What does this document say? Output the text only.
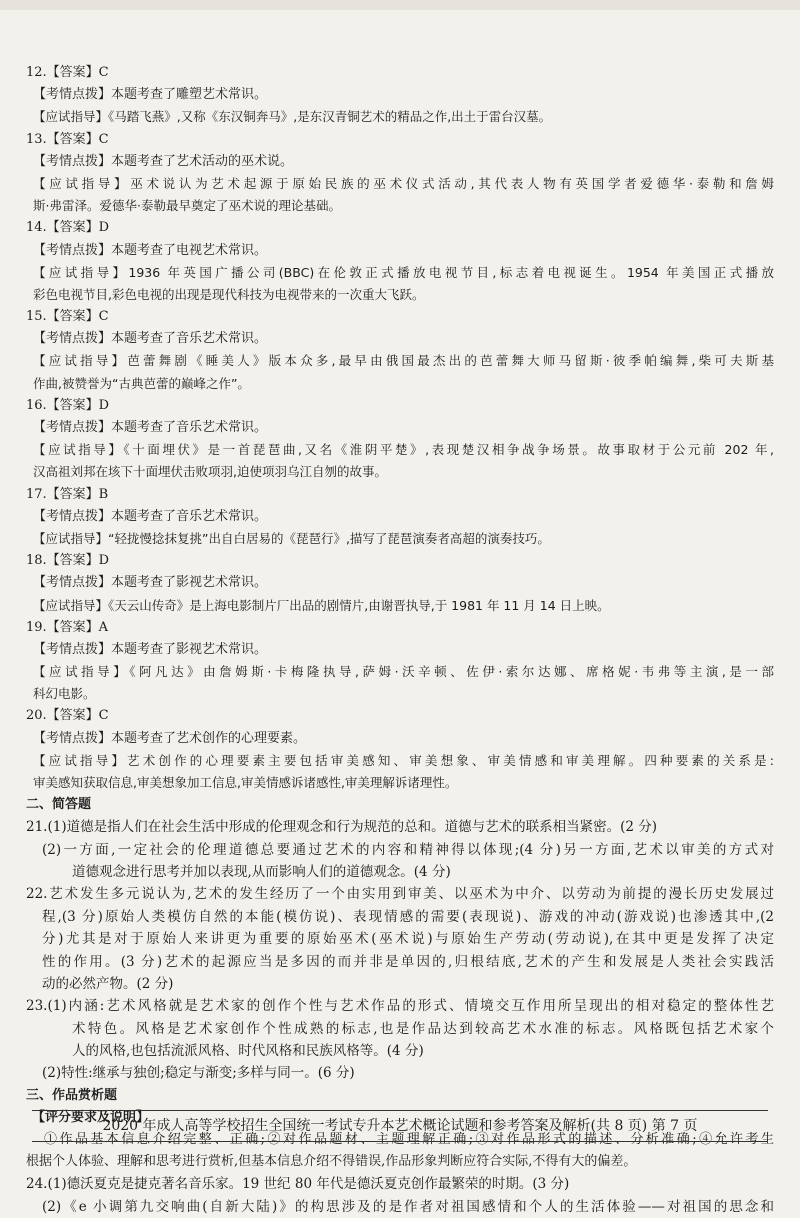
12.【答案】C
【考情点拨】本题考查了雕塑艺术常识。
【应试指导】《马踏飞燕》,又称《东汉铜奔马》,是东汉青铜艺术的精品之作,出土于雷台汉墓。
13.【答案】C
【考情点拨】本题考查了艺术活动的巫术说。
【应试指导】巫术说认为艺术起源于原始民族的巫术仪式活动,其代表人物有英国学者爱德华·泰勒和詹姆
斯·弗雷泽。爱德华·泰勒最早奠定了巫术说的理论基础。
14.【答案】D
【考情点拨】本题考查了电视艺术常识。
【应试指导】1936 年英国广播公司(BBC)在伦敦正式播放电视节目,标志着电视诞生。1954 年美国正式播放
彩色电视节目,彩色电视的出现是现代科技为电视带来的一次重大飞跃。
15.【答案】C
【考情点拨】本题考查了音乐艺术常识。
【应试指导】芭蕾舞剧《睡美人》版本众多,最早由俄国最杰出的芭蕾舞大师马留斯·彼季帕编舞,柴可夫斯基
作曲,被赞誉为“古典芭蕾的巅峰之作”。
16.【答案】D
【考情点拨】本题考查了音乐艺术常识。
【应试指导】《十面埋伏》是一首琵琶曲,又名《淮阴平楚》,表现楚汉相争战争场景。故事取材于公元前 202 年,
汉高祖刘邦在垓下十面埋伏击败项羽,迫使项羽乌江自刎的故事。
17.【答案】B
【考情点拨】本题考查了音乐艺术常识。
【应试指导】“轻拢慢捻抹复挑”出自白居易的《琵琶行》,描写了琵琶演奏者高超的演奏技巧。
18.【答案】D
【考情点拨】本题考查了影视艺术常识。
【应试指导】《天云山传奇》是上海电影制片厂出品的剧情片,由谢晋执导,于 1981 年 11 月 14 日上映。
19.【答案】A
【考情点拨】本题考查了影视艺术常识。
【应试指导】《阿凡达》由詹姆斯·卡梅隆执导,萨姆·沃辛顿、佐伊·索尔达娜、席格妮·韦弗等主演,是一部
科幻电影。
20.【答案】C
【考情点拨】本题考查了艺术创作的心理要素。
【应试指导】艺术创作的心理要素主要包括审美感知、审美想象、审美情感和审美理解。四种要素的关系是:
审美感知获取信息,审美想象加工信息,审美情感诉诸感性,审美理解诉诸理性。
二、简答题
21.(1)道德是指人们在社会生活中形成的伦理观念和行为规范的总和。道德与艺术的联系相当紧密。(2 分)
(2)一方面,一定社会的伦理道德总要通过艺术的内容和精神得以体现;(4 分)另一方面,艺术以审美的方式对
道德观念进行思考并加以表现,从而影响人们的道德观念。(4 分)
22.艺术发生多元说认为,艺术的发生经历了一个由实用到审美、以巫术为中介、以劳动为前提的漫长历史发展过
程,(3 分)原始人类模仿自然的本能(模仿说)、表现情感的需要(表现说)、游戏的冲动(游戏说)也渗透其中,(2
分)尤其是对于原始人来讲更为重要的原始巫术(巫术说)与原始生产劳动(劳动说),在其中更是发挥了决定
性的作用。(3 分)艺术的起源应当是多因的而并非是单因的,归根结底,艺术的产生和发展是人类社会实践活
动的必然产物。(2 分)
23.(1)内涵:艺术风格就是艺术家的创作个性与艺术作品的形式、情境交互作用所呈现出的相对稳定的整体性艺
术特色。风格是艺术家创作个性成熟的标志,也是作品达到较高艺术水准的标志。风格既包括艺术家个
人的风格,也包括流派风格、时代风格和民族风格等。(4 分)
(2)特性:继承与独创;稳定与渐变;多样与同一。(6 分)
三、作品赏析题
【评分要求及说明】
①作品基本信息介绍完整、正确;②对作品题材、主题理解正确;③对作品形式的描述、分析准确;④允许考生
根据个人体验、理解和思考进行赏析,但基本信息介绍不得错误,作品形象判断应符合实际,不得有大的偏差。
24.(1)德沃夏克是捷克著名音乐家。19 世纪 80 年代是德沃夏克创作最繁荣的时期。(3 分)
(2)《e 小调第九交响曲(自新大陆)》的构思涉及的是作者对祖国感情和个人的生活体验——对祖国的思念和
2020 年成人高等学校招生全国统一考试专升本艺术概论试题和参考答案及解析(共 8 页) 第 7 页
